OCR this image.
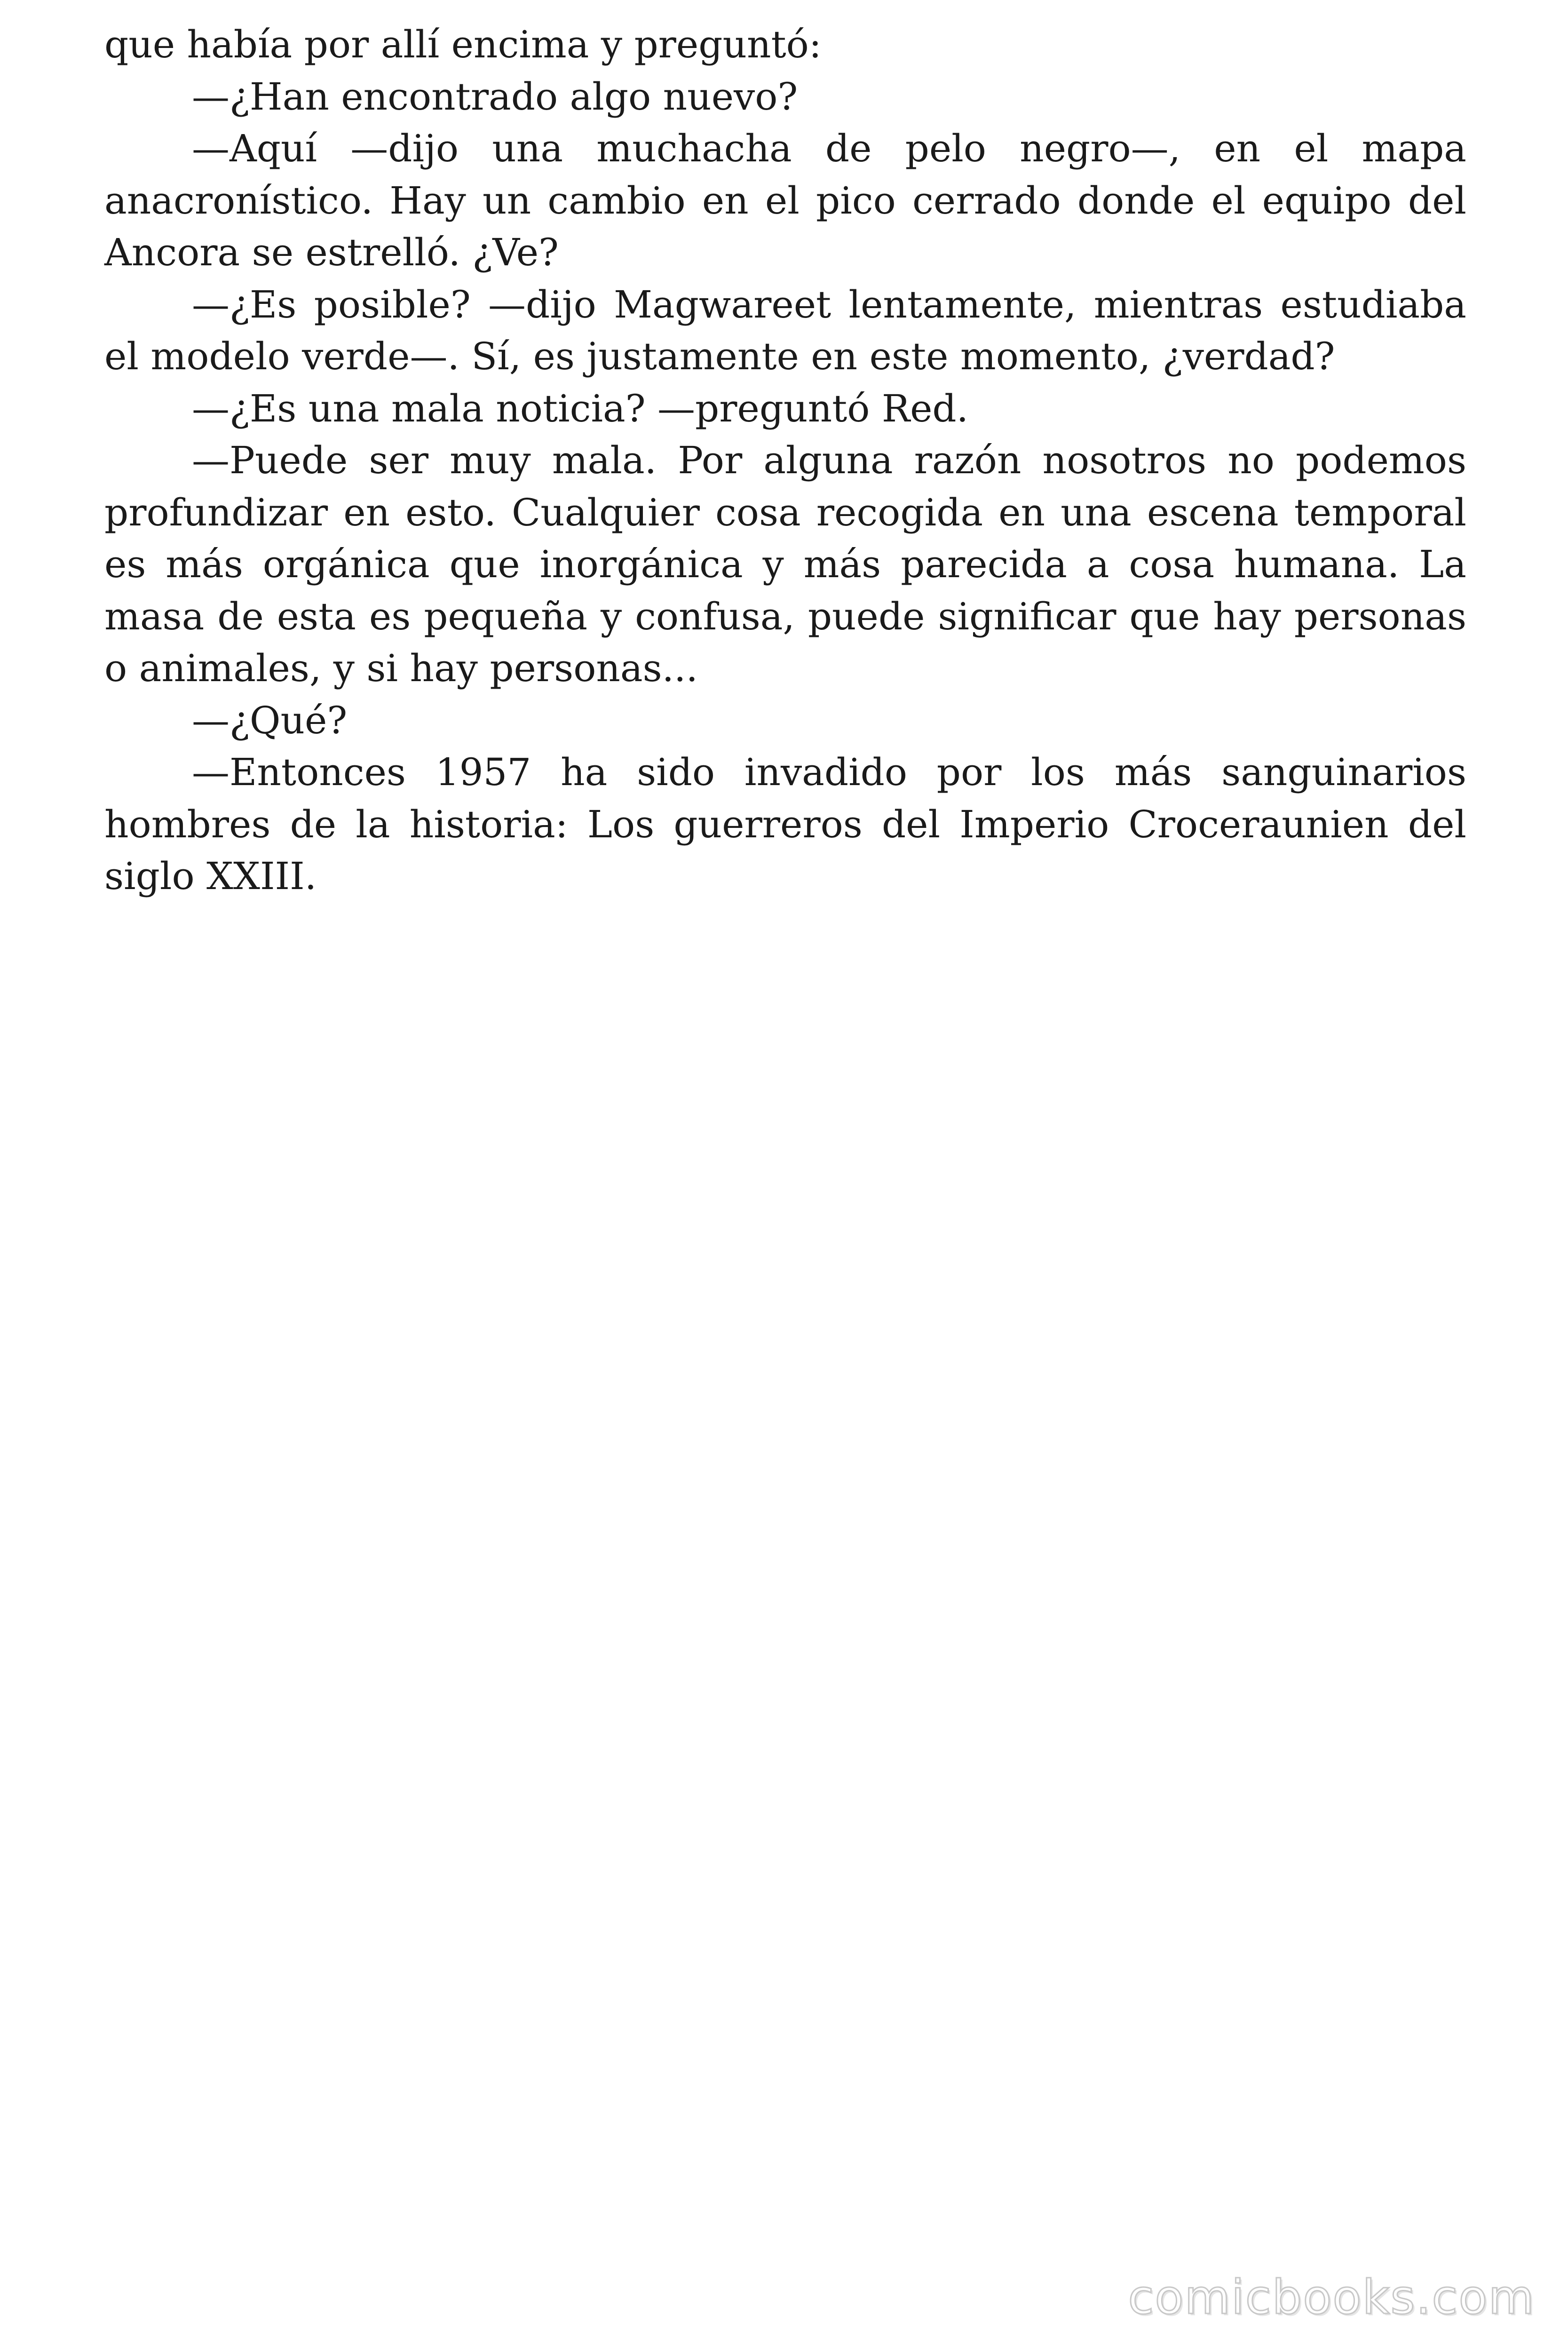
que había por allí encima y preguntó:

—¿Han encontrado algo nuevo?

—Aquí —dijo una muchacha de pelo negro—, en el mapa anacronístico. Hay un cambio en el pico cerrado donde el equipo del Ancora se estrelló. ¿Ve?

—¿Es posible? —dijo Magwareet lentamente, mientras estudiaba el modelo verde—. Sí, es justamente en este momento, ¿verdad?

—¿Es una mala noticia? —preguntó Red.

—Puede ser muy mala. Por alguna razón nosotros no podemos profundizar en esto. Cualquier cosa recogida en una escena temporal es más orgánica que inorgánica y más parecida a cosa humana. La masa de esta es pequeña y confusa, puede significar que hay personas o animales, y si hay personas...

—¿Qué?

—Entonces 1957 ha sido invadido por los más sanguinarios hombres de la historia: Los guerreros del Imperio Croceraunien del siglo XXIII.

comicbooks.com
